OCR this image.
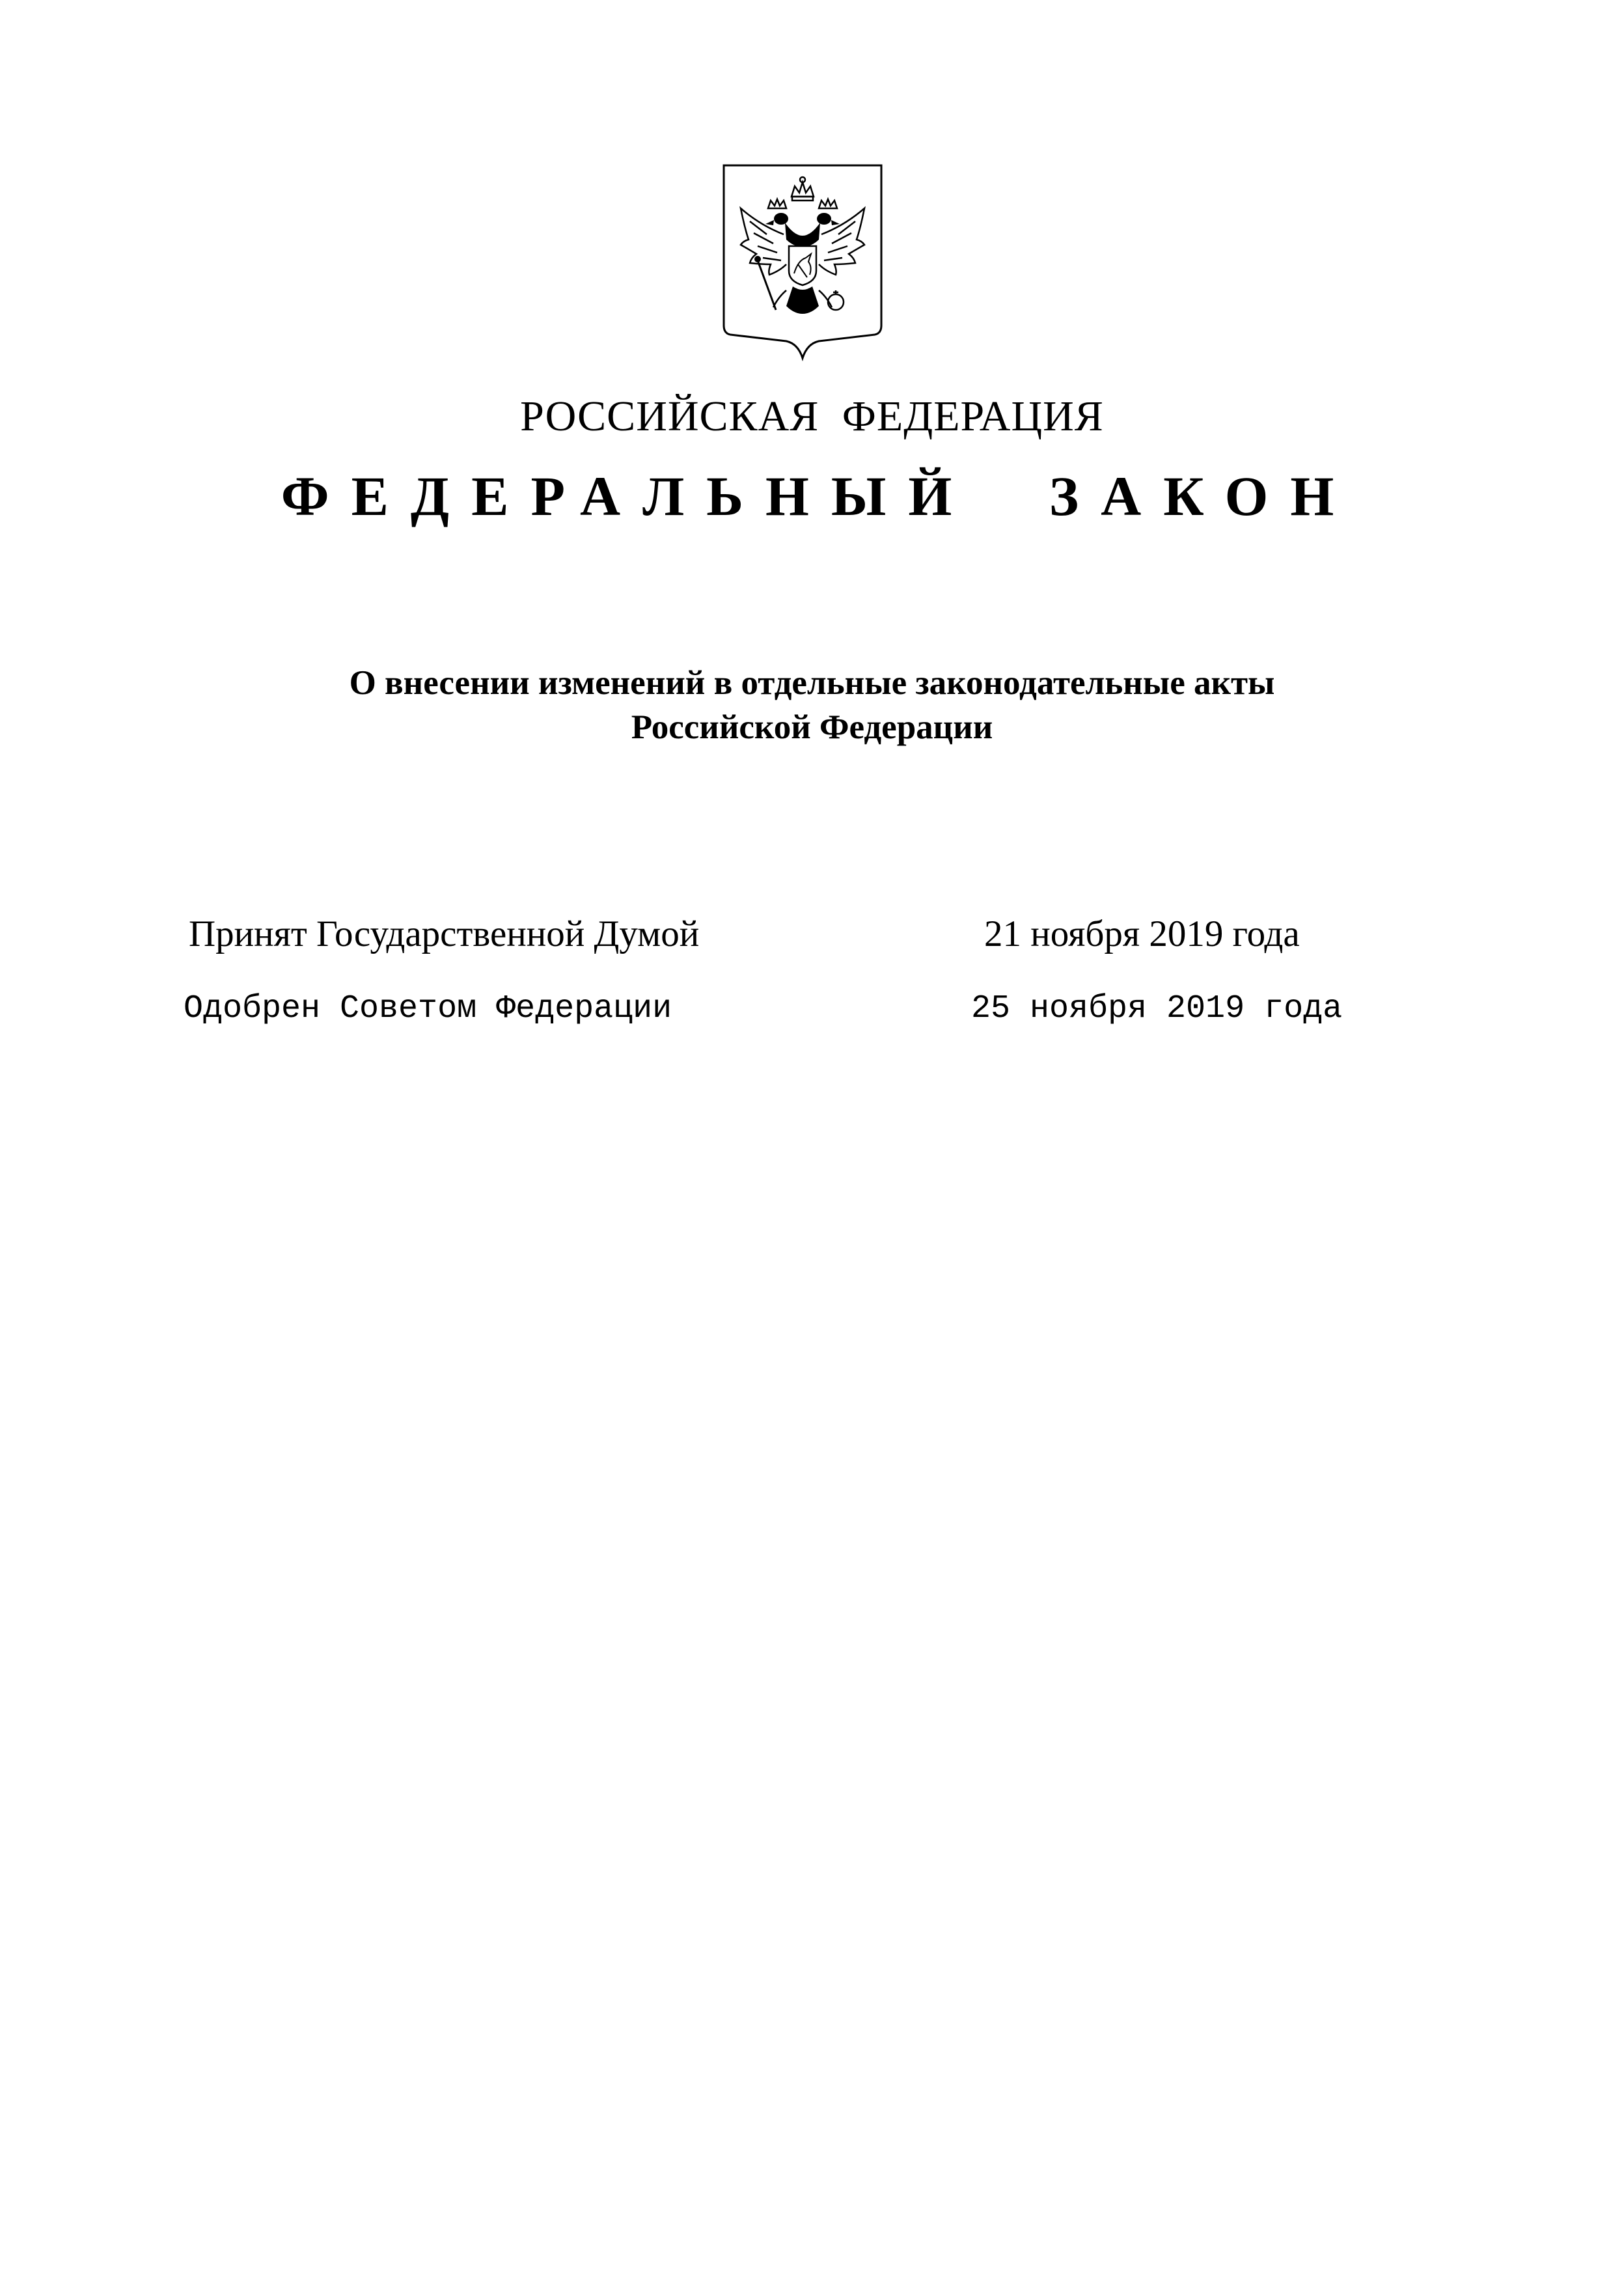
РОССИЙСКАЯ ФЕДЕРАЦИЯ
ФЕДЕРАЛЬНЫЙ ЗАКОН
О внесении изменений в отдельные законодательные акты
Российской Федерации
Принят Государственной Думой	21 ноября 2019 года
Одобрен Советом Федерации	25 ноября 2019 года
